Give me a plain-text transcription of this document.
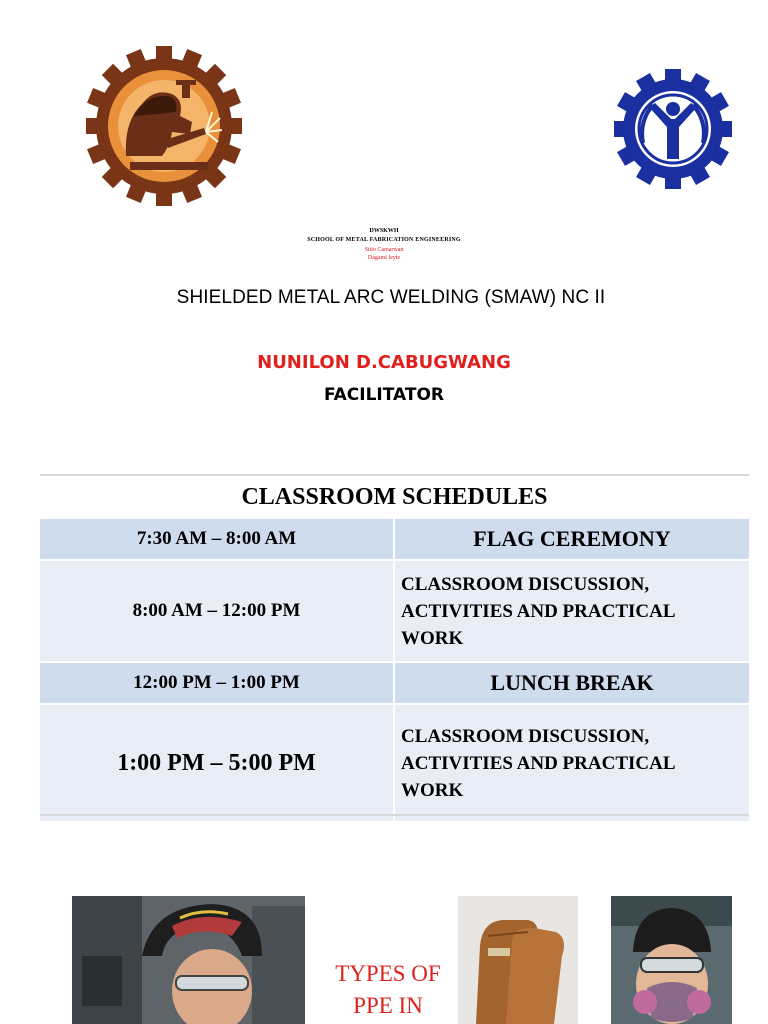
DWSKWH
SCHOOL OF METAL FABRICATION ENGINEERING
Sitio Camarwan
Dagami leyte
SHIELDED METAL ARC WELDING (SMAW) NC II
NUNILON D.CABUGWANG
FACILITATOR
CLASSROOM SCHEDULES	
7:30 AM – 8:00 AM	FLAG CEREMONY
8:00 AM – 12:00 PM	CLASSROOM DISCUSSION,
ACTIVITIES AND PRACTICAL
WORK

12:00 PM – 1:00 PM	LUNCH BREAK
1:00 PM – 5:00 PM	CLASSROOM DISCUSSION,
ACTIVITIES AND PRACTICAL
WORK
TYPES OF
PPE IN
